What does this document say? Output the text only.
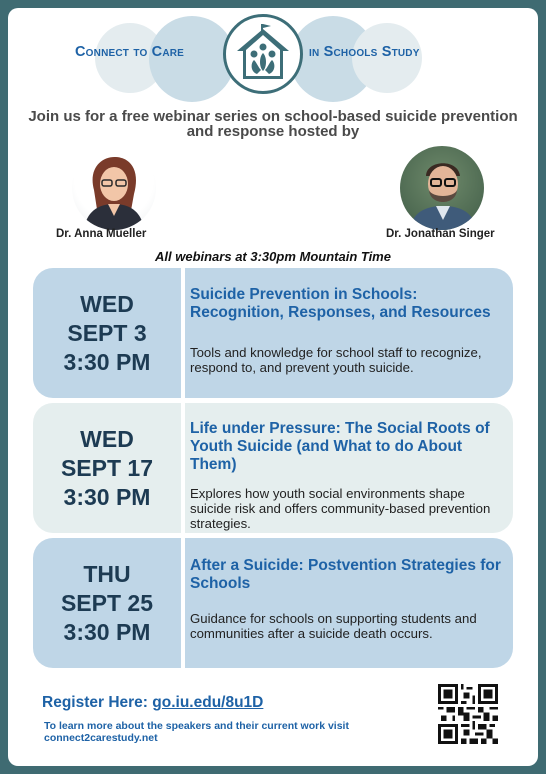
Connect to Care	in Schools Study
Join us for a free webinar series on school-based suicide prevention and response hosted by
Dr. Anna Mueller	Dr. Jonathan Singer
All webinars at 3:30pm Mountain Time
WED
SEPT 3
3:30 PM
Suicide Prevention in Schools: Recognition, Responses, and Resources
Tools and knowledge for school staff to recognize, respond to, and prevent youth suicide.
WED
SEPT 17
3:30 PM
Life under Pressure: The Social Roots of Youth Suicide (and What to do About Them)
Explores how youth social environments shape suicide risk and offers community-based prevention strategies.
THU
SEPT 25
3:30 PM
After a Suicide: Postvention Strategies for Schools
Guidance for schools on supporting students and communities after a suicide death occurs.
Register Here: go.iu.edu/8u1D
To learn more about the speakers and their current work visit connect2carestudy.net
